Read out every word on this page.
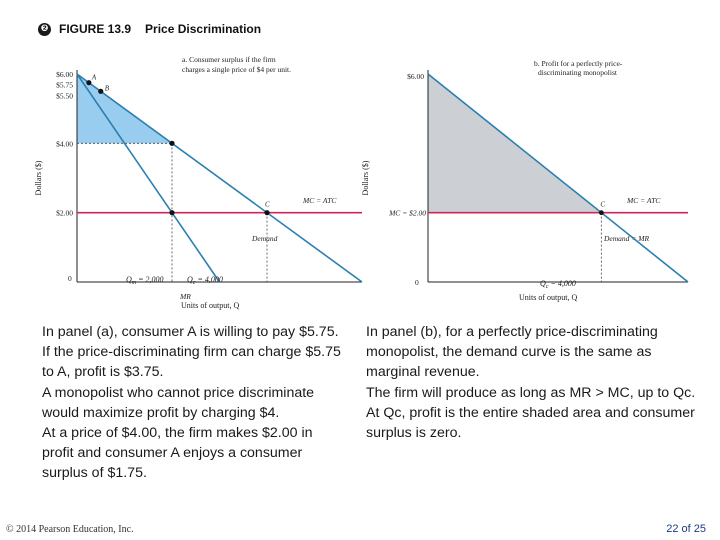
❷ FIGURE 13.9 Price Discrimination
$6.00
$5.75
$5.50
$4.00
$2.00
0
Dollars ($)
A
B
C	MC = ATC
Demand
MR
$Q_m = 2,000$	$Q_c = 4,000$
Units of output, Q
a. Consumer surplus if the firm
charges a single price of $4 per unit.
$6.00
MC = $2.00
0
Dollars ($)
C	MC = ATC
Demand = MR
$Q_c = 4,000$
Units of output, Q
b. Profit for a perfectly price-
discriminating monopolist

In panel (a), consumer A is willing to pay $5.75.

If the price-discriminating firm can charge $5.75 to A, profit is $3.75.

A monopolist who cannot price discriminate would maximize profit by charging $4.

At a price of $4.00, the firm makes $2.00 in profit and consumer A enjoys a consumer surplus of $1.75.

In panel (b), for a perfectly price-discriminating monopolist, the demand curve is the same as marginal revenue.

The firm will produce as long as MR > MC, up to Qc.

At Qc, profit is the entire shaded area and consumer surplus is zero.

© 2014 Pearson Education, Inc.	22 of 25
